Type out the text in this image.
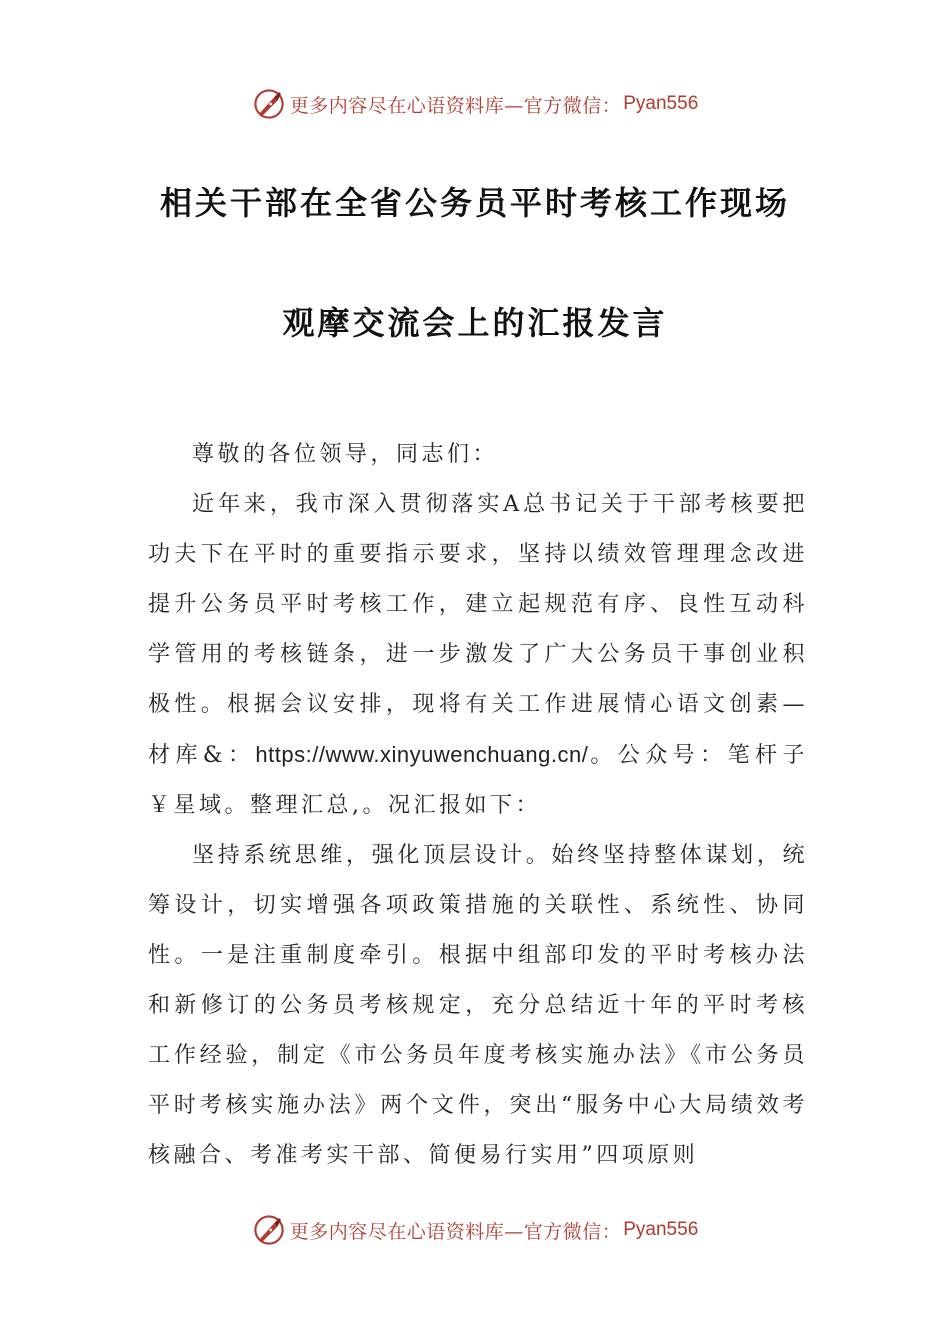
更多内容尽在心语资料库—官方微信： Pyan556
相关干部在全省公务员平时考核工作现场
观摩交流会上的汇报发言

尊敬的各位领导，同志们：

近年来，我市深入贯彻落实A总书记关于干部考核要把功夫下在平时的重要指示要求，坚持以绩效管理理念改进提升公务员平时考核工作，建立起规范有序、良性互动科学管用的考核链条，进一步激发了广大公务员干事创业积极性。根据会议安排，现将有关工作进展情心语文创素—材库&：https://www.xinyuwenchuang.cn/。公众号：笔杆子￥星域。整理汇总,。况汇报如下：

坚持系统思维，强化顶层设计。始终坚持整体谋划，统筹设计，切实增强各项政策措施的关联性、系统性、协同性。一是注重制度牵引。根据中组部印发的平时考核办法和新修订的公务员考核规定，充分总结近十年的平时考核工作经验，制定《市公务员年度考核实施办法》《市公务员平时考核实施办法》两个文件，突出“服务中心大局绩效考核融合、考准考实干部、简便易行实用”四项原则

更多内容尽在心语资料库—官方微信： Pyan556
